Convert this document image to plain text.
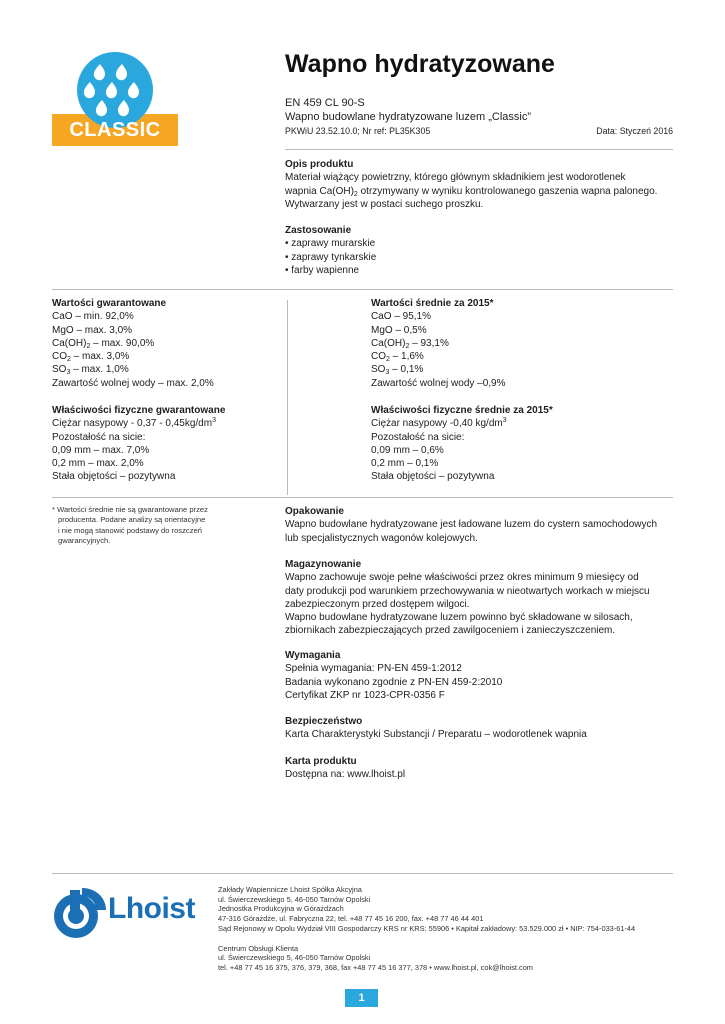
CLASSIC
Wapno hydratyzowane
EN 459 CL 90-S
Wapno budowlane hydratyzowane luzem „Classic”
PKWiU 23.52.10.0; Nr ref: PL35K305	Data: Styczeń 2016
Opis produktu
Materiał wiążący powietrzny, którego głównym składnikiem jest wodorotlenek
wapnia $Ca(OH)_2$ otrzymywany w wyniku kontrolowanego gaszenia wapna palonego.
Wytwarzany jest w postaci suchego proszku.
Zastosowanie
• zaprawy murarskie
• zaprawy tynkarskie
• farby wapienne
Wartości gwarantowane
CaO – min. 92,0%
MgO – max. 3,0%
$Ca(OH)_2$ – max. 90,0%
$CO_2$ – max. 3,0%
$SO_3$ – max. 1,0%
Zawartość wolnej wody – max. 2,0%
Wartości średnie za 2015*
CaO – 95,1%
MgO – 0,5%
$Ca(OH)_2 - 93,1\%$
$CO_2 - 1,6\%$
$SO_3 - 0,1\%$
Zawartość wolnej wody –0,9%
Właściwości fizyczne gwarantowane
Ciężar nasypowy - $0,37 - 0,45kg/dm^3$
Pozostałość na sicie:
0,09 mm – max. 7,0%
0,2 mm – max. 2,0%
Stała objętości – pozytywna
Właściwości fizyczne średnie za 2015*
Ciężar nasypowy -0,40 $kg/dm^3$
Pozostałość na sicie:
0,09 mm – 0,6%
0,2 mm – 0,1%
Stała objętości – pozytywna
* Wartości średnie nie są gwarantowane przez
producenta. Podane analizy są orientacyjne
i nie mogą stanowić podstawy do roszczeń
gwarancyjnych.
Opakowanie
Wapno budowlane hydratyzowane jest ładowane luzem do cystern samochodowych
lub specjalistycznych wagonów kolejowych.
Magazynowanie
Wapno zachowuje swoje pełne właściwości przez okres minimum 9 miesięcy od
daty produkcji pod warunkiem przechowywania w nieotwartych workach w miejscu
zabezpieczonym przed dostępem wilgoci.
Wapno budowlane hydratyzowane luzem powinno być składowane w silosach,
zbiornikach zabezpieczających przed zawilgoceniem i zanieczyszczeniem.
Wymagania
Spełnia wymagania: PN-EN 459-1:2012
Badania wykonano zgodnie z PN-EN 459-2:2010
Certyfikat ZKP nr 1023-CPR-0356 F
Bezpieczeństwo
Karta Charakterystyki Substancji / Preparatu – wodorotlenek wapnia
Karta produktu
Dostępna na: www.lhoist.pl
Lhoist
Zakłady Wapiennicze Lhoist Spółka Akcyjna
ul. Świerczewskiego 5, 46-050 Tarnów Opolski
Jednostka Produkcyjna w Górażdżach
47-316 Górażdże, ul. Fabryczna 22, tel. +48 77 45 16 200, fax. +48 77 46 44 401
Sąd Rejonowy w Opolu Wydział VIII Gospodarczy KRS nr KRS: 55906 • Kapitał zakładowy: 53.529.000 zł • NIP: 754-033-61-44
Centrum Obsługi Klienta
ul. Świerczewskiego 5, 46-050 Tarnów Opolski
tel. +48 77 45 16 375, 376, 379, 368, fax +48 77 45 16 377, 378 • www.lhoist.pl, cok@lhoist.com
1
